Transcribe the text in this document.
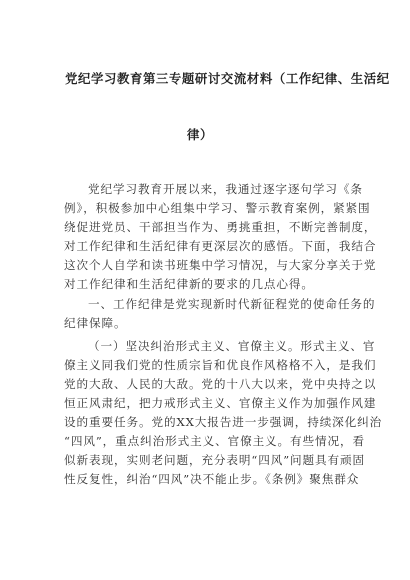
党纪学习教育第三专题研讨交流材料（工作纪律、生活纪
律）
党纪学习教育开展以来，我通过逐字逐句学习《条
例》，积极参加中心组集中学习、警示教育案例，紧紧围
绕促进党员、干部担当作为、勇挑重担，不断完善制度，
对工作纪律和生活纪律有更深层次的感悟。下面，我结合
这次个人自学和读书班集中学习情况，与大家分享关于党
对工作纪律和生活纪律新的要求的几点心得。
一、工作纪律是党实现新时代新征程党的使命任务的
纪律保障。
（一）坚决纠治形式主义、官僚主义。形式主义、官
僚主义同我们党的性质宗旨和优良作风格格不入，是我们
党的大敌、人民的大敌。党的十八大以来，党中央持之以
恒正风肃纪，把力戒形式主义、官僚主义作为加强作风建
设的重要任务。党的XX大报告进一步强调，持续深化纠治
“四风”，重点纠治形式主义、官僚主义。有些情况，看
似新表现，实则老问题，充分表明“四风”问题具有顽固
性反复性，纠治“四风”决不能止步。《条例》聚焦群众
